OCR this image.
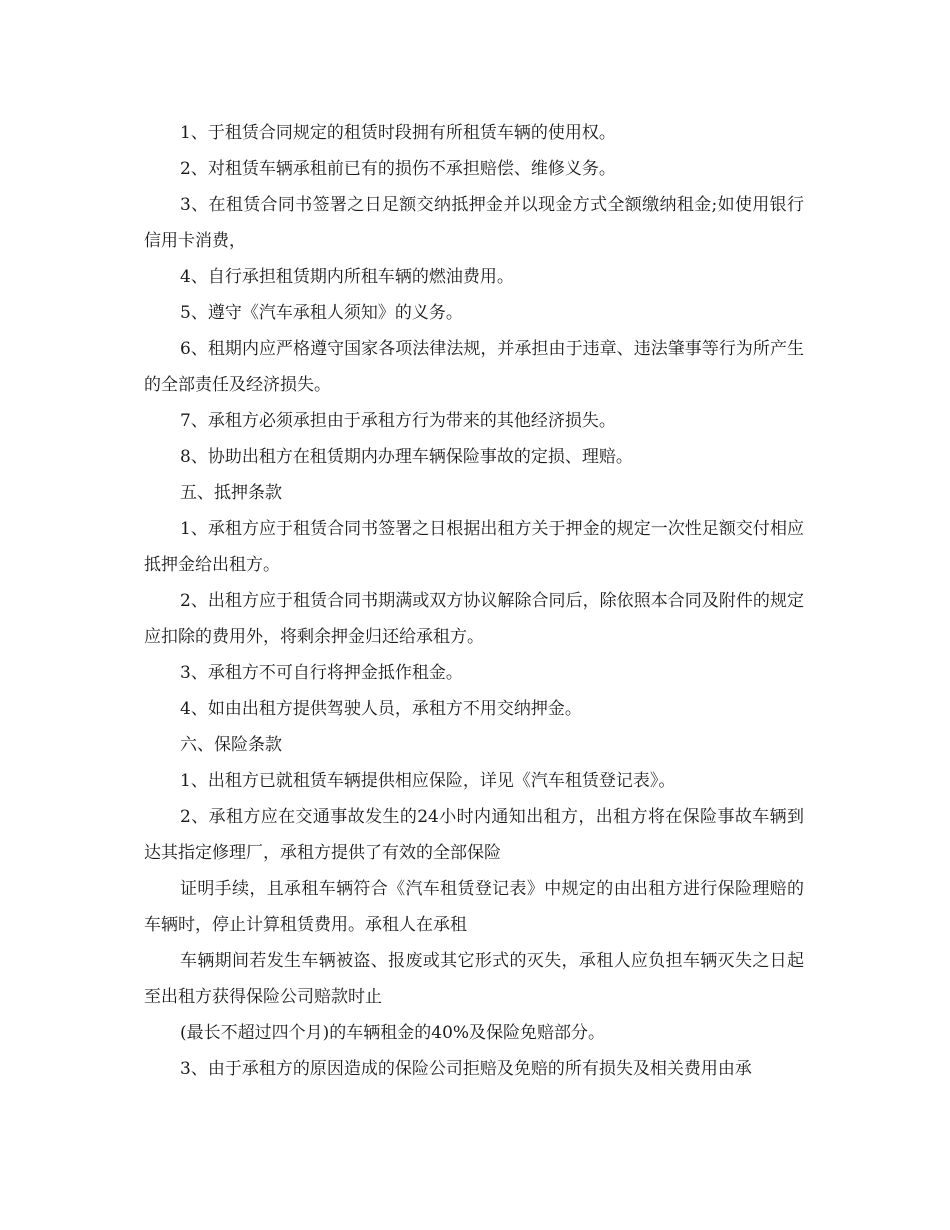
1、于租赁合同规定的租赁时段拥有所租赁车辆的使用权。

2、对租赁车辆承租前已有的损伤不承担赔偿、维修义务。

3、在租赁合同书签署之日足额交纳抵押金并以现金方式全额缴纳租金;如使用银行信用卡消费，

4、自行承担租赁期内所租车辆的燃油费用。

5、遵守《汽车承租人须知》的义务。

6、租期内应严格遵守国家各项法律法规，并承担由于违章、违法肇事等行为所产生的全部责任及经济损失。

7、承租方必须承担由于承租方行为带来的其他经济损失。

8、协助出租方在租赁期内办理车辆保险事故的定损、理赔。

五、抵押条款

1、承租方应于租赁合同书签署之日根据出租方关于押金的规定一次性足额交付相应抵押金给出租方。

2、出租方应于租赁合同书期满或双方协议解除合同后，除依照本合同及附件的规定应扣除的费用外，将剩余押金归还给承租方。

3、承租方不可自行将押金抵作租金。

4、如由出租方提供驾驶人员，承租方不用交纳押金。

六、保险条款

1、出租方已就租赁车辆提供相应保险，详见《汽车租赁登记表》。

2、承租方应在交通事故发生的24小时内通知出租方，出租方将在保险事故车辆到达其指定修理厂，承租方提供了有效的全部保险

证明手续，且承租车辆符合《汽车租赁登记表》中规定的由出租方进行保险理赔的车辆时，停止计算租赁费用。承租人在承租

车辆期间若发生车辆被盗、报废或其它形式的灭失，承租人应负担车辆灭失之日起至出租方获得保险公司赔款时止

(最长不超过四个月)的车辆租金的40%及保险免赔部分。

3、由于承租方的原因造成的保险公司拒赔及免赔的所有损失及相关费用由承
